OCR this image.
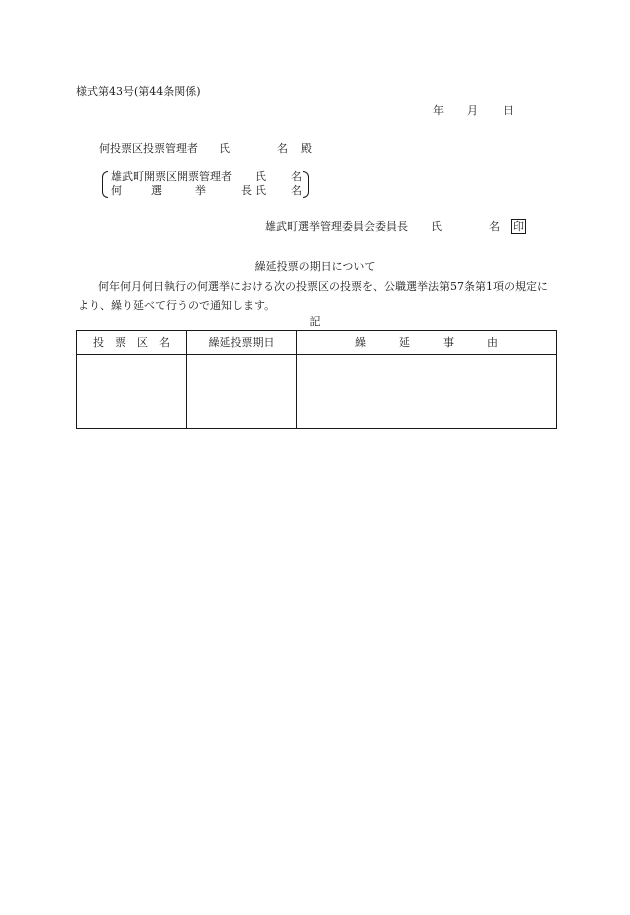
様式第43号(第44条関係)
年 月 日
何投票区投票管理者 氏	名 殿
雄武町開票区開票管理者 氏 名
何	選	挙	長 氏 名
雄武町選挙管理委員会委員長 氏	名 印
繰延投票の期日について
何年何月何日執行の何選挙における次の投票区の投票を、公職選挙法第57条第1項の規定により、繰り延べて行うので通知します。
記
投　票　区　名	繰延投票期日	繰　　　延　　　事　　　由
